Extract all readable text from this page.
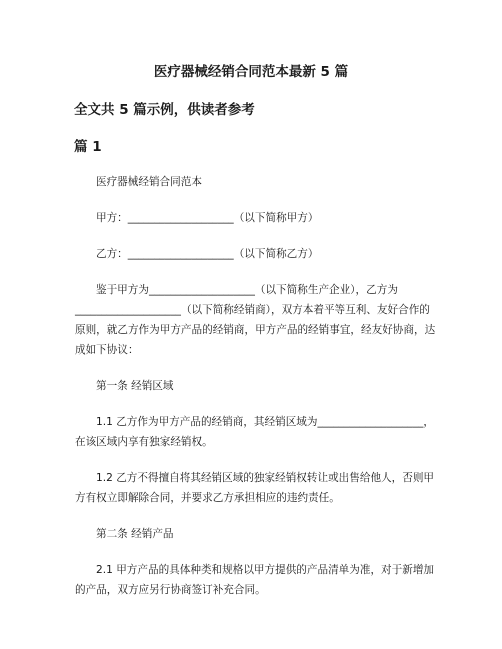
医疗器械经销合同范本最新 5 篇
全文共 5 篇示例，供读者参考
篇 1

医疗器械经销合同范本

甲方：____________________（以下简称甲方）

乙方：____________________（以下简称乙方）

鉴于甲方为____________________（以下简称生产企业），乙方为____________________（以下简称经销商），双方本着平等互利、友好合作的原则，就乙方作为甲方产品的经销商，甲方产品的经销事宜，经友好协商，达成如下协议：

第一条 经销区域

1.1 乙方作为甲方产品的经销商，其经销区域为____________________，在该区域内享有独家经销权。

1.2 乙方不得擅自将其经销区域的独家经销权转让或出售给他人，否则甲方有权立即解除合同，并要求乙方承担相应的违约责任。

第二条 经销产品

2.1 甲方产品的具体种类和规格以甲方提供的产品清单为准，对于新增加的产品，双方应另行协商签订补充合同。
